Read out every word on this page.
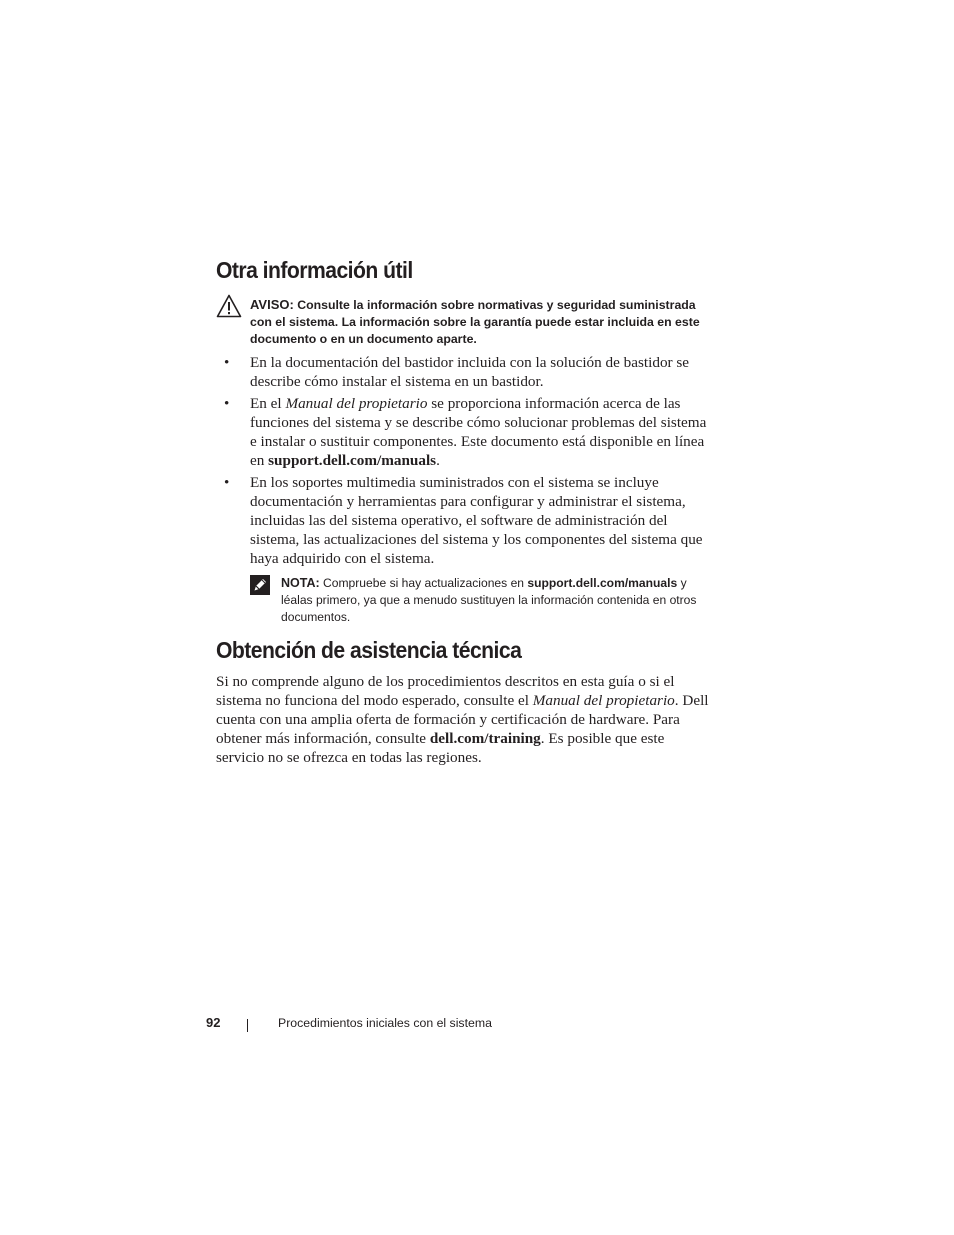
Otra información útil
AVISO: Consulte la información sobre normativas y seguridad suministrada con el sistema. La información sobre la garantía puede estar incluida en este documento o en un documento aparte.
• En la documentación del bastidor incluida con la solución de bastidor se describe cómo instalar el sistema en un bastidor.
• En el Manual del propietario se proporciona información acerca de las funciones del sistema y se describe cómo solucionar problemas del sistema e instalar o sustituir componentes. Este documento está disponible en línea en support.dell.com/manuals.
• En los soportes multimedia suministrados con el sistema se incluye documentación y herramientas para configurar y administrar el sistema, incluidas las del sistema operativo, el software de administración del sistema, las actualizaciones del sistema y los componentes del sistema que haya adquirido con el sistema.
NOTA: Compruebe si hay actualizaciones en support.dell.com/manuals y léalas primero, ya que a menudo sustituyen la información contenida en otros documentos.
Obtención de asistencia técnica

Si no comprende alguno de los procedimientos descritos en esta guía o si el sistema no funciona del modo esperado, consulte el Manual del propietario. Dell cuenta con una amplia oferta de formación y certificación de hardware. Para obtener más información, consulte dell.com/training. Es posible que este servicio no se ofrezca en todas las regiones.

92	Procedimientos iniciales con el sistema
